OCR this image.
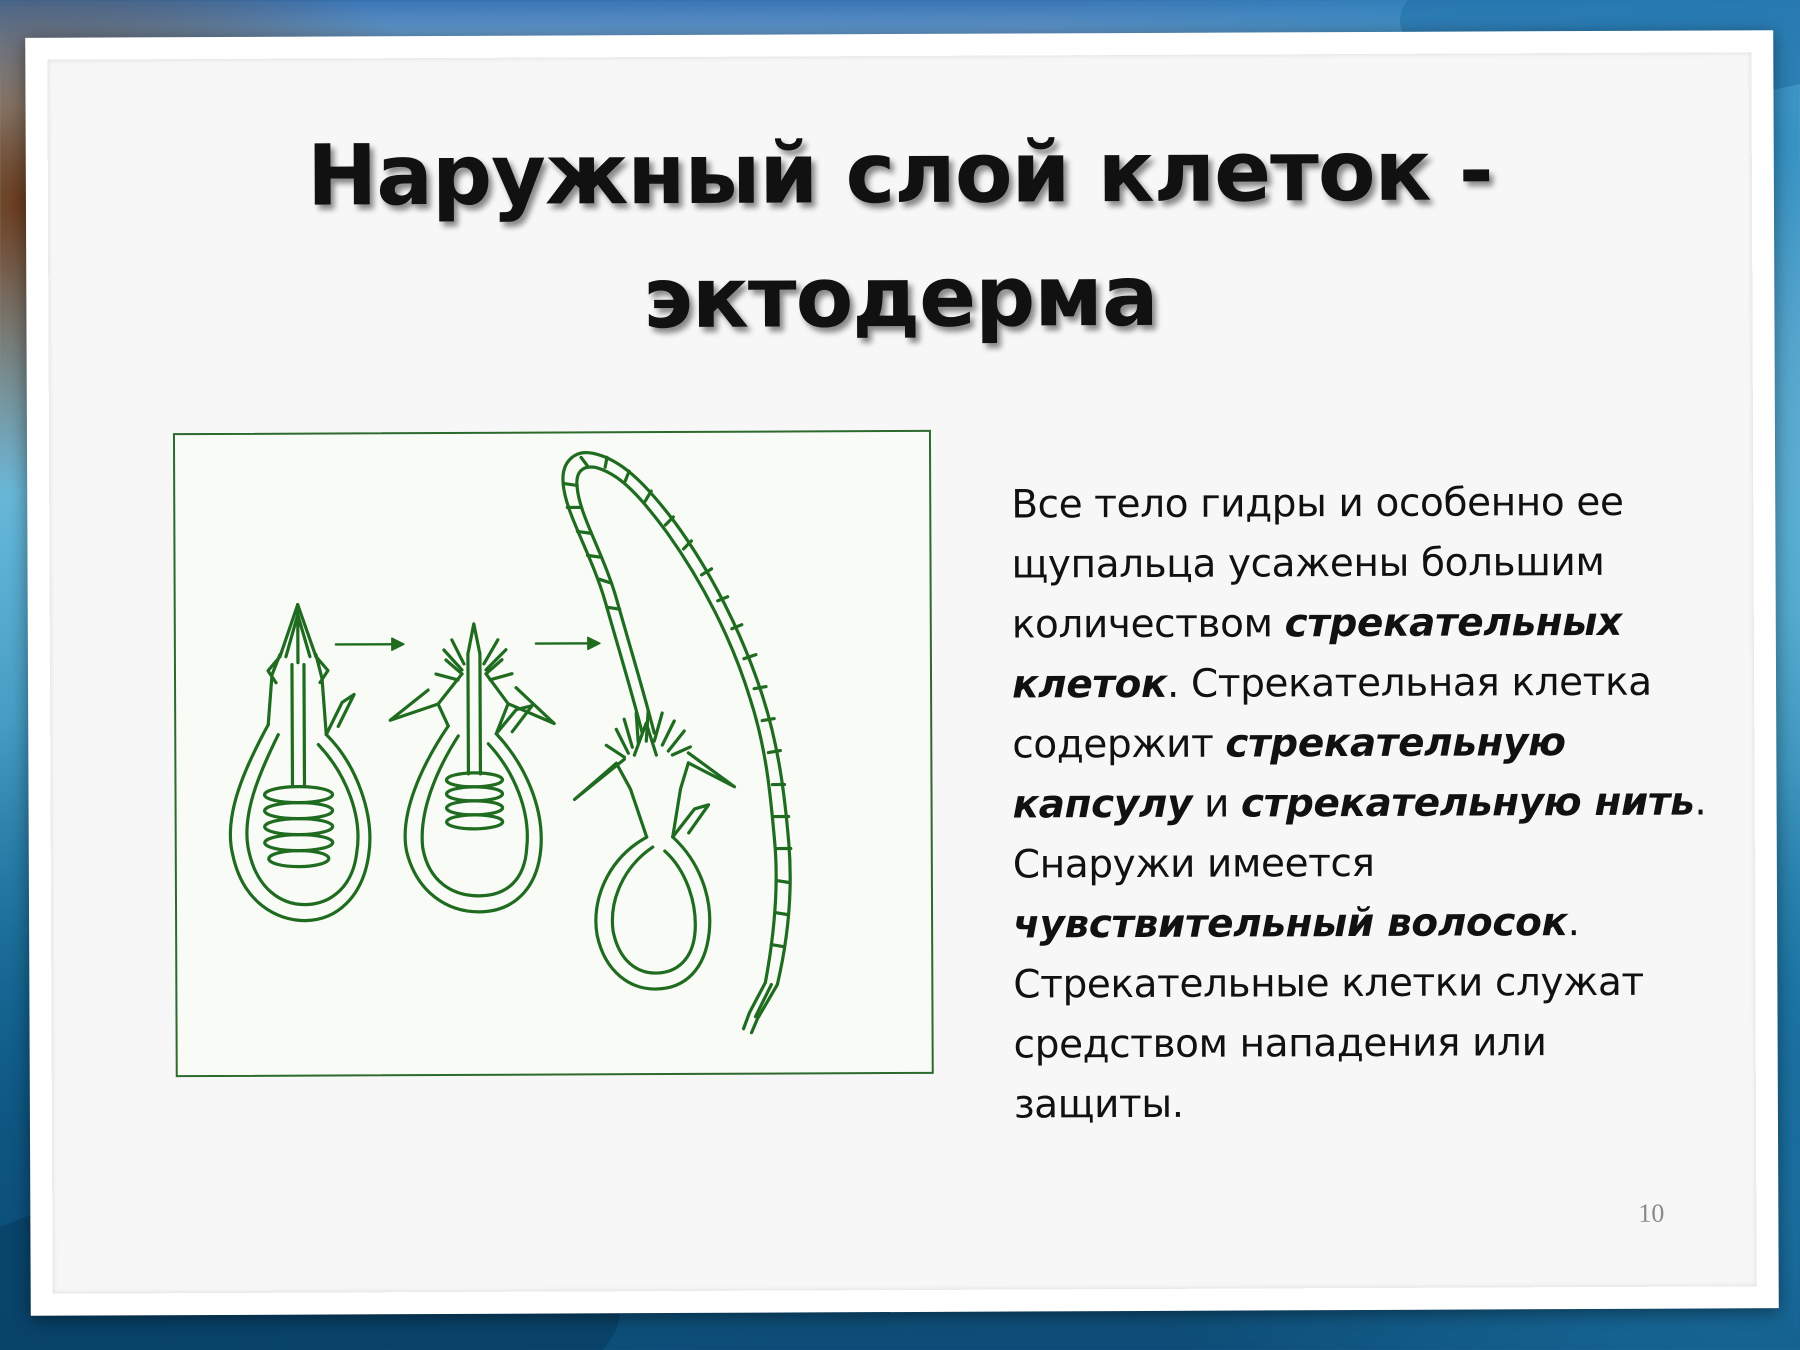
Наружный слой клеток -
эктодерма
Все тело гидры и особенно ее щупальца усажены большим количеством стрекательных клеток. Стрекательная клетка содержит стрекательную капсулу и стрекательную нить. Снаружи имеется чувствительный волосок. Стрекательные клетки служат средством нападения или защиты.
10
